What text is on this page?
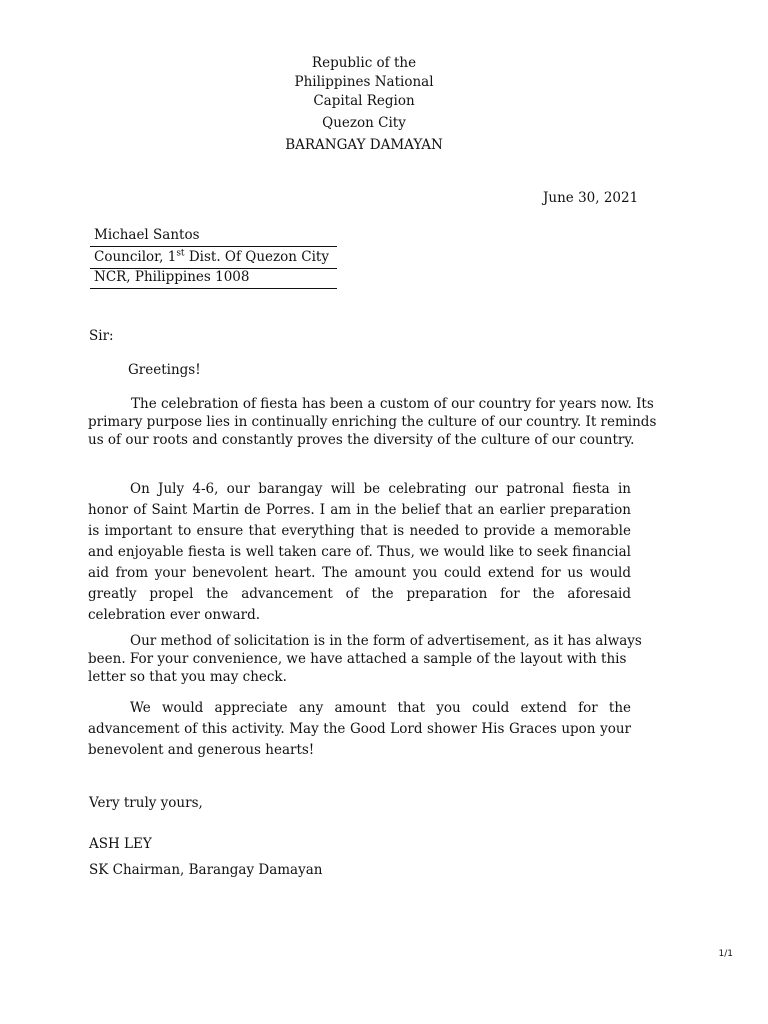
Republic of the
Philippines National
Capital Region
Quezon City
BARANGAY DAMAYAN
June 30, 2021
Michael Santos
Councilor, 1st Dist. Of Quezon City
NCR, Philippines 1008
Sir:
Greetings!
The celebration of fiesta has been a custom of our country for years now. Its primary purpose lies in continually enriching the culture of our country. It reminds us of our roots and constantly proves the diversity of the culture of our country.
On July 4-6, our barangay will be celebrating our patronal fiesta in honor of Saint Martin de Porres. I am in the belief that an earlier preparation is important to ensure that everything that is needed to provide a memorable and enjoyable fiesta is well taken care of. Thus, we would like to seek financial aid from your benevolent heart. The amount you could extend for us would greatly propel the advancement of the preparation for the aforesaid celebration ever onward.
Our method of solicitation is in the form of advertisement, as it has always been. For your convenience, we have attached a sample of the layout with this letter so that you may check.
We would appreciate any amount that you could extend for the advancement of this activity. May the Good Lord shower His Graces upon your benevolent and generous hearts!
Very truly yours,
ASH LEY
SK Chairman, Barangay Damayan
1/1
